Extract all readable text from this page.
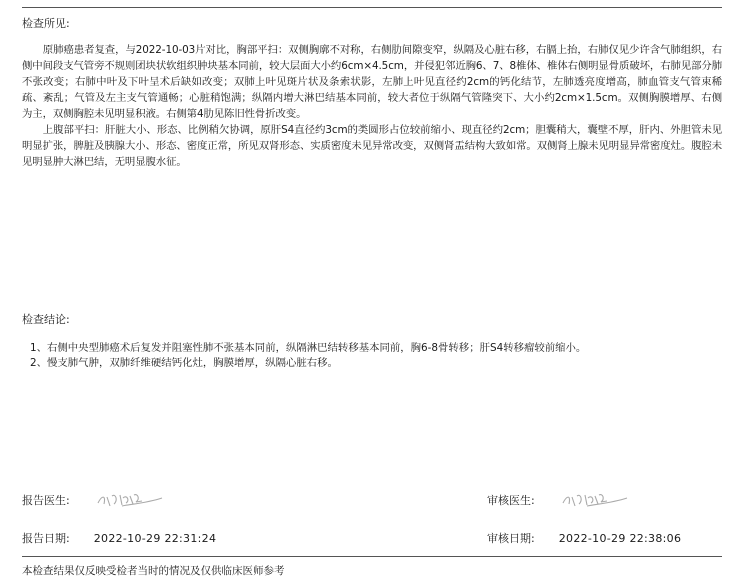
检查所见:

原肺癌患者复查，与2022-10-03片对比，胸部平扫：双侧胸廓不对称，右侧肋间隙变窄，纵隔及心脏右移，右膈上抬，右肺仅见少许含气肺组织，右侧中间段支气管旁不规则团块状软组织肿块基本同前，较大层面大小约6cm×4.5cm，并侵犯邻近胸6、7、8椎体、椎体右侧明显骨质破坏，右肺见部分肺不张改变；右肺中叶及下叶呈术后缺如改变；双肺上叶见斑片状及条索状影，左肺上叶见直径约2cm的钙化结节，左肺透亮度增高，肺血管支气管束稀疏、紊乱；气管及左主支气管通畅；心脏稍饱满；纵隔内增大淋巴结基本同前，较大者位于纵隔气管隆突下、大小约2cm×1.5cm。双侧胸膜增厚、右侧为主，双侧胸腔未见明显积液。右侧第4肋见陈旧性骨折改变。

上腹部平扫：肝脏大小、形态、比例稍欠协调，原肝S4直径约3cm的类圆形占位较前缩小、现直径约2cm；胆囊稍大，囊壁不厚，肝内、外胆管未见明显扩张，脾脏及胰腺大小、形态、密度正常，所见双肾形态、实质密度未见异常改变，双侧肾盂结构大致如常。双侧肾上腺未见明显异常密度灶。腹腔未见明显肿大淋巴结，无明显腹水征。

检查结论:
1、右侧中央型肺癌术后复发并阻塞性肺不张基本同前，纵隔淋巴结转移基本同前，胸6-8骨转移；肝S4转移瘤较前缩小。
2、慢支肺气肿，双肺纤维硬结钙化灶，胸膜增厚，纵隔心脏右移。
报告医生:	审核医生:
报告日期: 2022-10-29 22:31:24	审核日期: 2022-10-29 22:38:06
本检查结果仅反映受检者当时的情况及仅供临床医师参考
